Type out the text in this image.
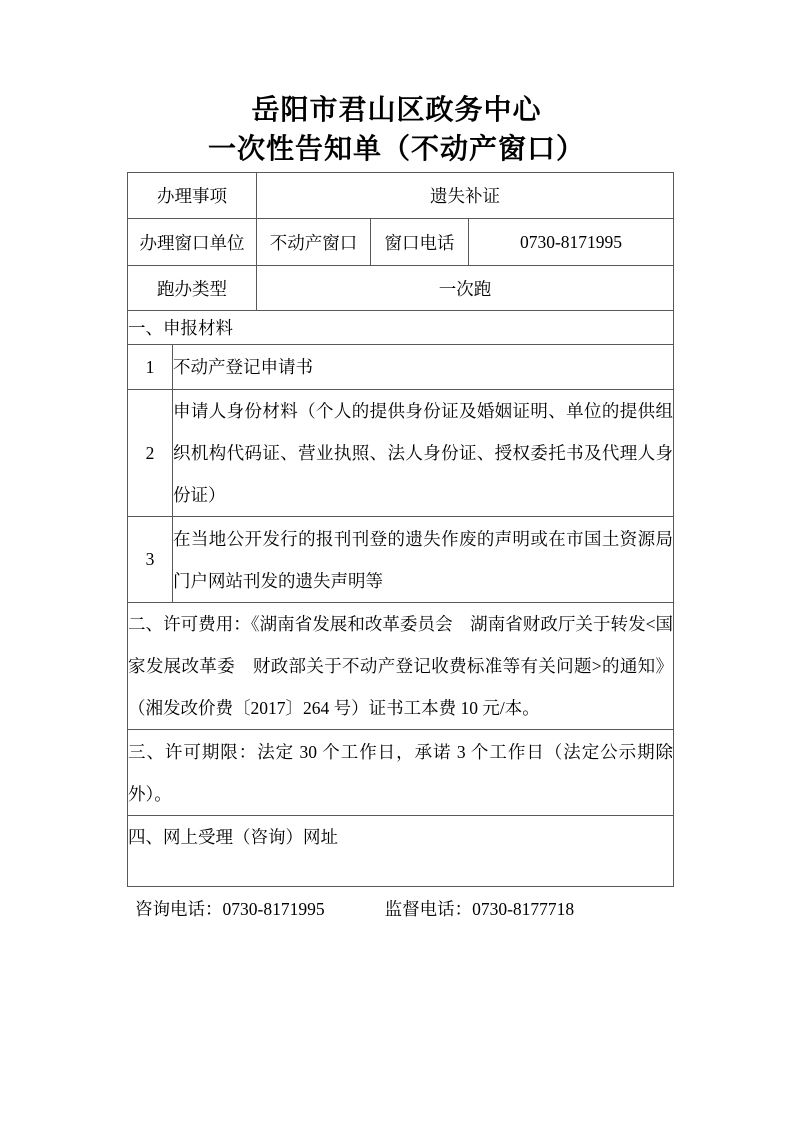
岳阳市君山区政务中心
一次性告知单（不动产窗口）
办理事项		遗失补证		
办理窗口单位		不动产窗口	窗口电话	0730-8171995
跑办类型		一次跑		
一、申报材料				
1	不动产登记申请书			
2	申请人身份材料（个人的提供身份证及婚姻证明、单位的提供组织机构代码证、营业执照、法人身份证、授权委托书及代理人身份证）			
3	在当地公开发行的报刊刊登的遗失作废的声明或在市国土资源局门户网站刊发的遗失声明等			
二、许可费用：《湖南省发展和改革委员会　湖南省财政厅关于转发<国家发展改革委　财政部关于不动产登记收费标准等有关问题>的通知》（湘发改价费〔2017〕264 号）证书工本费 10 元/本。				
三、许可期限：法定 30 个工作日，承诺 3 个工作日（法定公示期除外）。				
四、网上受理（咨询）网址				
咨询电话：0730-8171995	监督电话：0730-8177718
